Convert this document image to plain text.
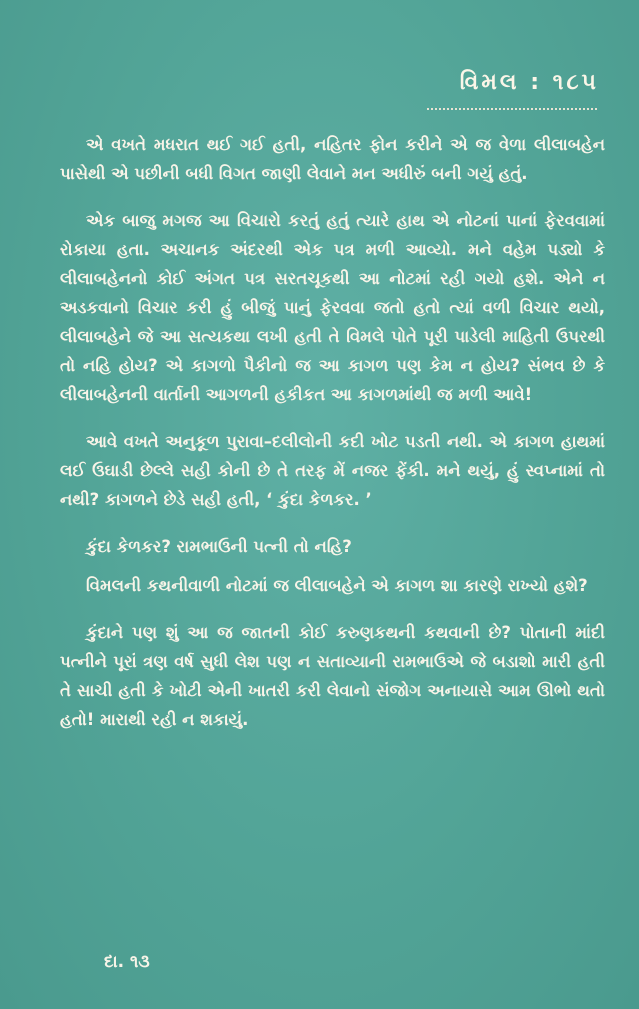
વિમલ : ૧૮૫

એ વખતે મધરાત થઈ ગઈ હતી, નહિતર ફોન કરીને એ જ વેળા લીલાબહેન પાસેથી એ પછીની બધી વિગત જાણી લેવાને મન અધીરું બની ગયું હતું.

એક બાજુ મગજ આ વિચારો કરતું હતું ત્યારે હાથ એ નોટનાં પાનાં ફેરવવામાં રોકાયા હતા. અચાનક અંદરથી એક પત્ર મળી આવ્યો. મને વહેમ પડ્યો કે લીલાબહેનનો કોઈ અંગત પત્ર સરતચૂકથી આ નોટમાં રહી ગયો હશે. એને ન અડકવાનો વિચાર કરી હું બીજું પાનું ફેરવવા જતો હતો ત્યાં વળી વિચાર થયો, લીલાબહેને જે આ સત્યકથા લખી હતી તે વિમલે પોતે પૂરી પાડેલી માહિતી ઉપરથી તો નહિ હોય? એ કાગળો પૈકીનો જ આ કાગળ પણ કેમ ન હોય? સંભવ છે કે લીલાબહેનની વાર્તાની આગળની હકીકત આ કાગળમાંથી જ મળી આવે!

આવે વખતે અનુકૂળ પુરાવા–દલીલોની કદી ખોટ પડતી નથી. એ કાગળ હાથમાં લઈ ઉઘાડી છેલ્લે સહી કોની છે તે તરફ મેં નજર ફેંકી. મને થયું, હું સ્વપ્નામાં તો નથી? કાગળને છેડે સહી હતી, ‘ કુંદા કેળકર. ’

કુંદા કેળકર? રામભાઉની પત્ની તો નહિ?

વિમલની કથનીવાળી નોટમાં જ લીલાબહેને એ કાગળ શા કારણે રાખ્યો હશે?

કુંદાને પણ શું આ જ જાતની કોઈ કરુણકથની કથવાની છે? પોતાની માંદી પત્નીને પૂરાં ત્રણ વર્ષ સુધી લેશ પણ ન સતાવ્યાની રામભાઉએ જે બડાશો મારી હતી તે સાચી હતી કે ખોટી એની ખાતરી કરી લેવાનો સંજોગ અનાયાસે આમ ઊભો થતો હતો! મારાથી રહી ન શકાયું.

દા. ૧૩
